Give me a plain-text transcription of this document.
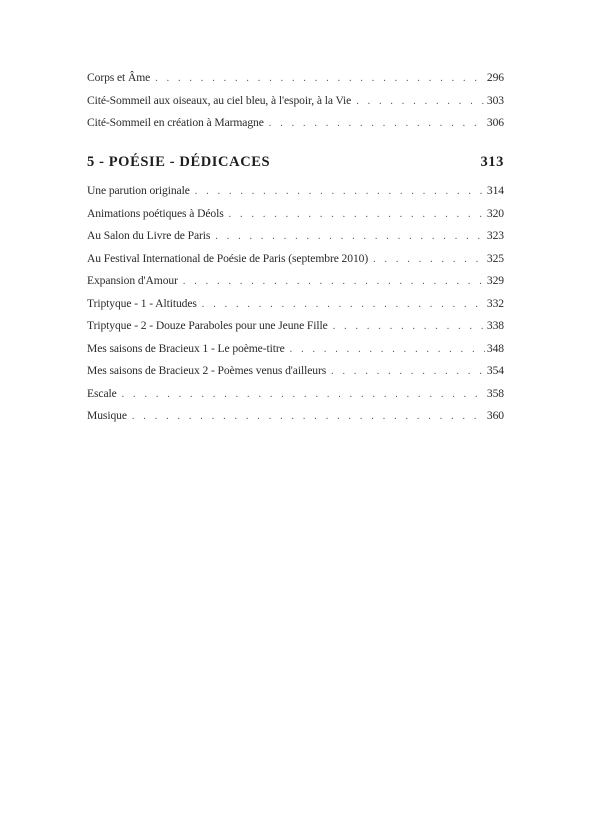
Corps et Âme . . .	296
Cité-Sommeil aux oiseaux, au ciel bleu, à l'espoir, à la Vie . . .	303
Cité-Sommeil en création à Marmagne . . .	306
5 - POÉSIE - DÉDICACES	313
Une parution originale . . .	314
Animations poétiques à Déols . . .	320
Au Salon du Livre de Paris . . .	323
Au Festival International de Poésie de Paris (septembre 2010) . . .	325
Expansion d'Amour . . .	329
Triptyque - 1 - Altitudes . . .	332
Triptyque - 2 - Douze Paraboles pour une Jeune Fille . . .	338
Mes saisons de Bracieux 1 - Le poème-titre . . .	348
Mes saisons de Bracieux 2 - Poèmes venus d'ailleurs . . .	354
Escale . . .	358
Musique . . .	360
